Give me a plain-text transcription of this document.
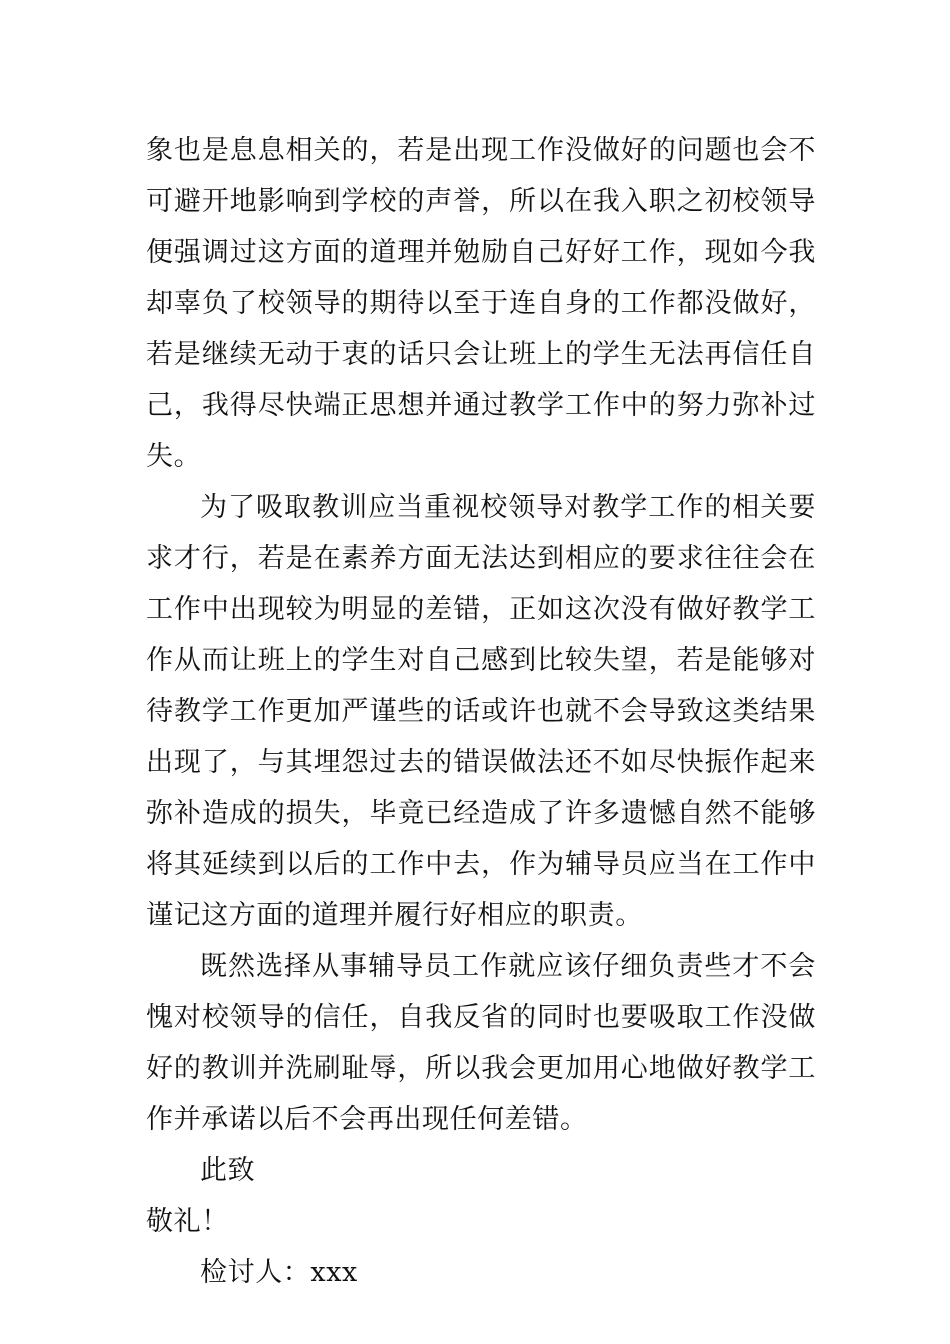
象也是息息相关的，若是出现工作没做好的问题也会不可避开地影响到学校的声誉，所以在我入职之初校领导便强调过这方面的道理并勉励自己好好工作，现如今我却辜负了校领导的期待以至于连自身的工作都没做好，若是继续无动于衷的话只会让班上的学生无法再信任自己，我得尽快端正思想并通过教学工作中的努力弥补过失。

为了吸取教训应当重视校领导对教学工作的相关要求才行，若是在素养方面无法达到相应的要求往往会在工作中出现较为明显的差错，正如这次没有做好教学工作从而让班上的学生对自己感到比较失望，若是能够对待教学工作更加严谨些的话或许也就不会导致这类结果出现了，与其埋怨过去的错误做法还不如尽快振作起来弥补造成的损失，毕竟已经造成了许多遗憾自然不能够将其延续到以后的工作中去，作为辅导员应当在工作中谨记这方面的道理并履行好相应的职责。

既然选择从事辅导员工作就应该仔细负责些才不会愧对校领导的信任，自我反省的同时也要吸取工作没做好的教训并洗刷耻辱，所以我会更加用心地做好教学工作并承诺以后不会再出现任何差错。

此致

敬礼！

检讨人：xxx
